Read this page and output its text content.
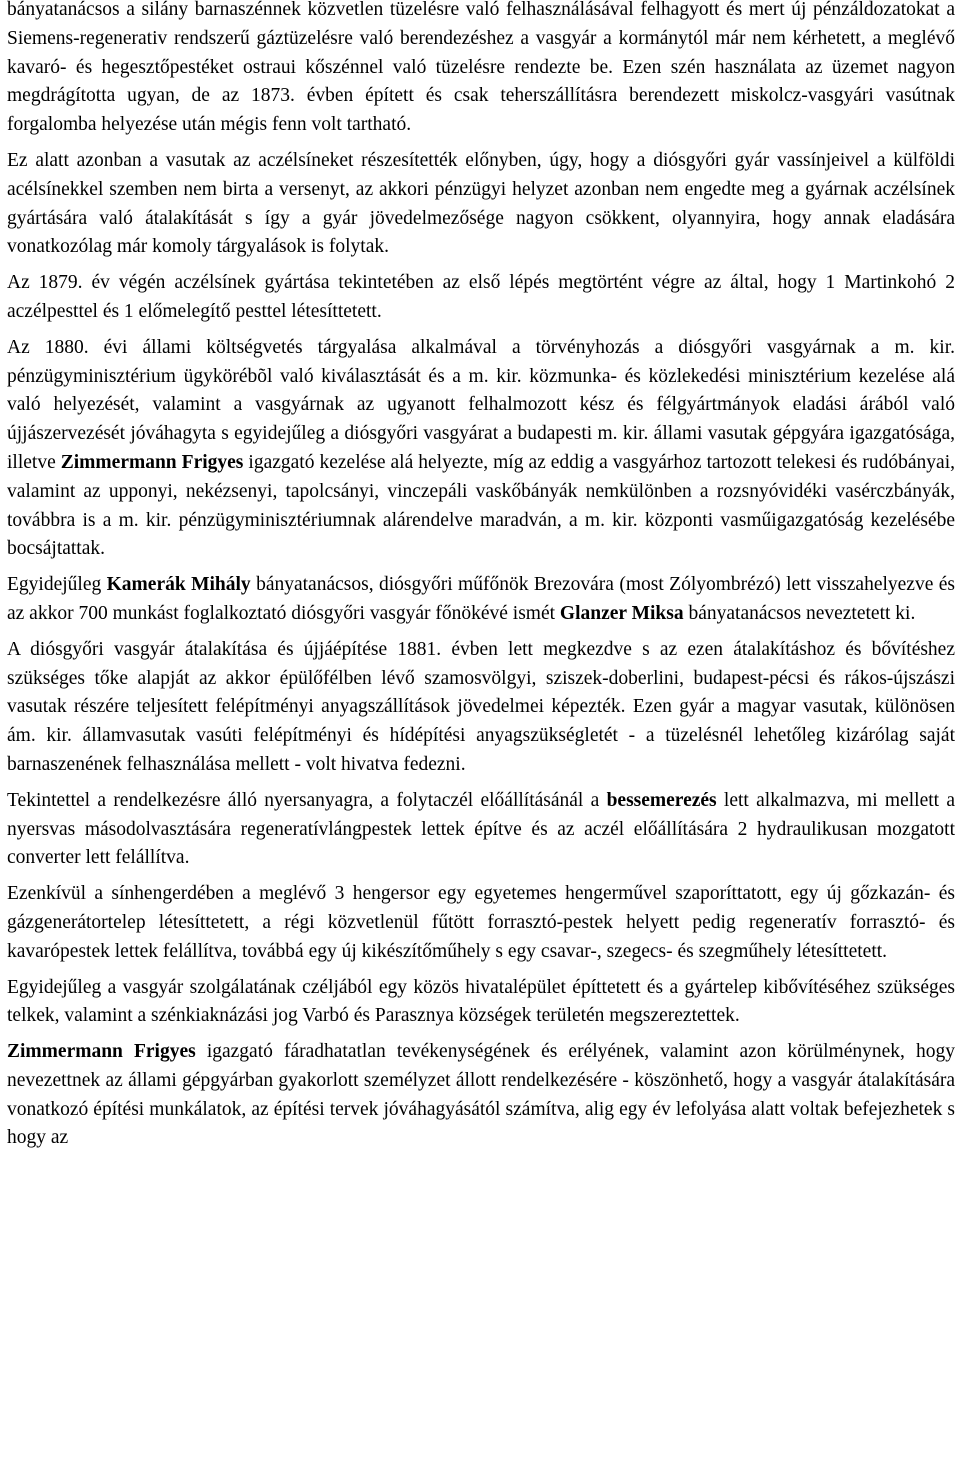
bányatanácsos a silány barnaszénnek közvetlen tüzelésre való felhasználásával felhagyott és mert új pénzáldozatokat a Siemens-regenerativ rendszerű gáztüzelésre való berendezéshez a vasgyár a kormánytól már nem kérhetett, a meglévő kavaró- és hegesztőpestéket ostraui kőszénnel való tüzelésre rendezte be. Ezen szén használata az üzemet nagyon megdrágította ugyan, de az 1873. évben épített és csak teherszállításra berendezett miskolcz-vasgyári vasútnak forgalomba helyezése után mégis fenn volt tartható.

Ez alatt azonban a vasutak az aczélsíneket részesítették előnyben, úgy, hogy a diósgyőri gyár vassínjeivel a külföldi acélsínekkel szemben nem birta a versenyt, az akkori pénzügyi helyzet azonban nem engedte meg a gyárnak aczélsínek gyártására való átalakítását s így a gyár jövedelmezősége nagyon csökkent, olyannyira, hogy annak eladására vonatkozólag már komoly tárgyalások is folytak.

Az 1879. év végén aczélsínek gyártása tekintetében az első lépés megtörtént végre az által, hogy 1 Martinkohó 2 aczélpesttel és 1 előmelegítő pesttel létesíttetett.

Az 1880. évi állami költségvetés tárgyalása alkalmával a törvényhozás a diósgyőri vasgyárnak a m. kir. pénzügyminisztérium ügykörébõl való kiválasztását és a m. kir. közmunka- és közlekedési minisztérium kezelése alá való helyezését, valamint a vasgyárnak az ugyanott felhalmozott kész és félgyártmányok eladási árából való újjászervezését jóváhagyta s egyidejűleg a diósgyőri vasgyárat a budapesti m. kir. állami vasutak gépgyára igazgatósága, illetve Zimmermann Frigyes igazgató kezelése alá helyezte, míg az eddig a vasgyárhoz tartozott telekesi és rudóbányai, valamint az upponyi, nekézsenyi, tapolcsányi, vinczepáli vaskőbányák nemkülönben a rozsnyóvidéki vasérczbányák, továbbra is a m. kir. pénzügyminisztériumnak alárendelve maradván, a m. kir. központi vasműigazgatóság kezelésébe bocsájtattak.

Egyidejűleg Kamerák Mihály bányatanácsos, diósgyőri műfőnök Brezovára (most Zólyombrézó) lett visszahelyezve és az akkor 700 munkást foglalkoztató diósgyőri vasgyár főnökévé ismét Glanzer Miksa bányatanácsos neveztetett ki.

A diósgyőri vasgyár átalakítása és újjáépítése 1881. évben lett megkezdve s az ezen átalakításhoz és bővítéshez szükséges tőke alapját az akkor épülőfélben lévő szamosvölgyi, sziszek-doberlini, budapest-pécsi és rákos-újszászi vasutak részére teljesített felépítményi anyagszállítások jövedelmei képezték. Ezen gyár a magyar vasutak, különösen ám. kir. államvasutak vasúti felépítményi és hídépítési anyagszükségletét - a tüzelésnél lehetőleg kizárólag saját barnaszenének felhasználása mellett - volt hivatva fedezni.

Tekintettel a rendelkezésre álló nyersanyagra, a folytaczél előállításánál a bessemerezés lett alkalmazva, mi mellett a nyersvas másodolvasztására regeneratívlángpestek lettek építve és az aczél előállítására 2 hydraulikusan mozgatott converter lett felállítva.

Ezenkívül a sínhengerdében a meglévő 3 hengersor egy egyetemes hengerművel szaporíttatott, egy új gőzkazán- és gázgenerátortelep létesíttetett, a régi közvetlenül fűtött forrasztó-pestek helyett pedig regeneratív forrasztó- és kavarópestek lettek felállítva, továbbá egy új kikészítőműhely s egy csavar-, szegecs- és szegműhely létesíttetett.

Egyidejűleg a vasgyár szolgálatának czéljából egy közös hivatalépület építtetett és a gyártelep kibővítéséhez szükséges telkek, valamint a szénkiaknázási jog Varbó és Parasznya községek területén megszereztettek.

Zimmermann Frigyes igazgató fáradhatatlan tevékenységének és erélyének, valamint azon körülménynek, hogy nevezettnek az állami gépgyárban gyakorlott személyzet állott rendelkezésére - köszönhető, hogy a vasgyár átalakítására vonatkozó építési munkálatok, az építési tervek jóváhagyásától számítva, alig egy év lefolyása alatt voltak befejezhetek s hogy az
